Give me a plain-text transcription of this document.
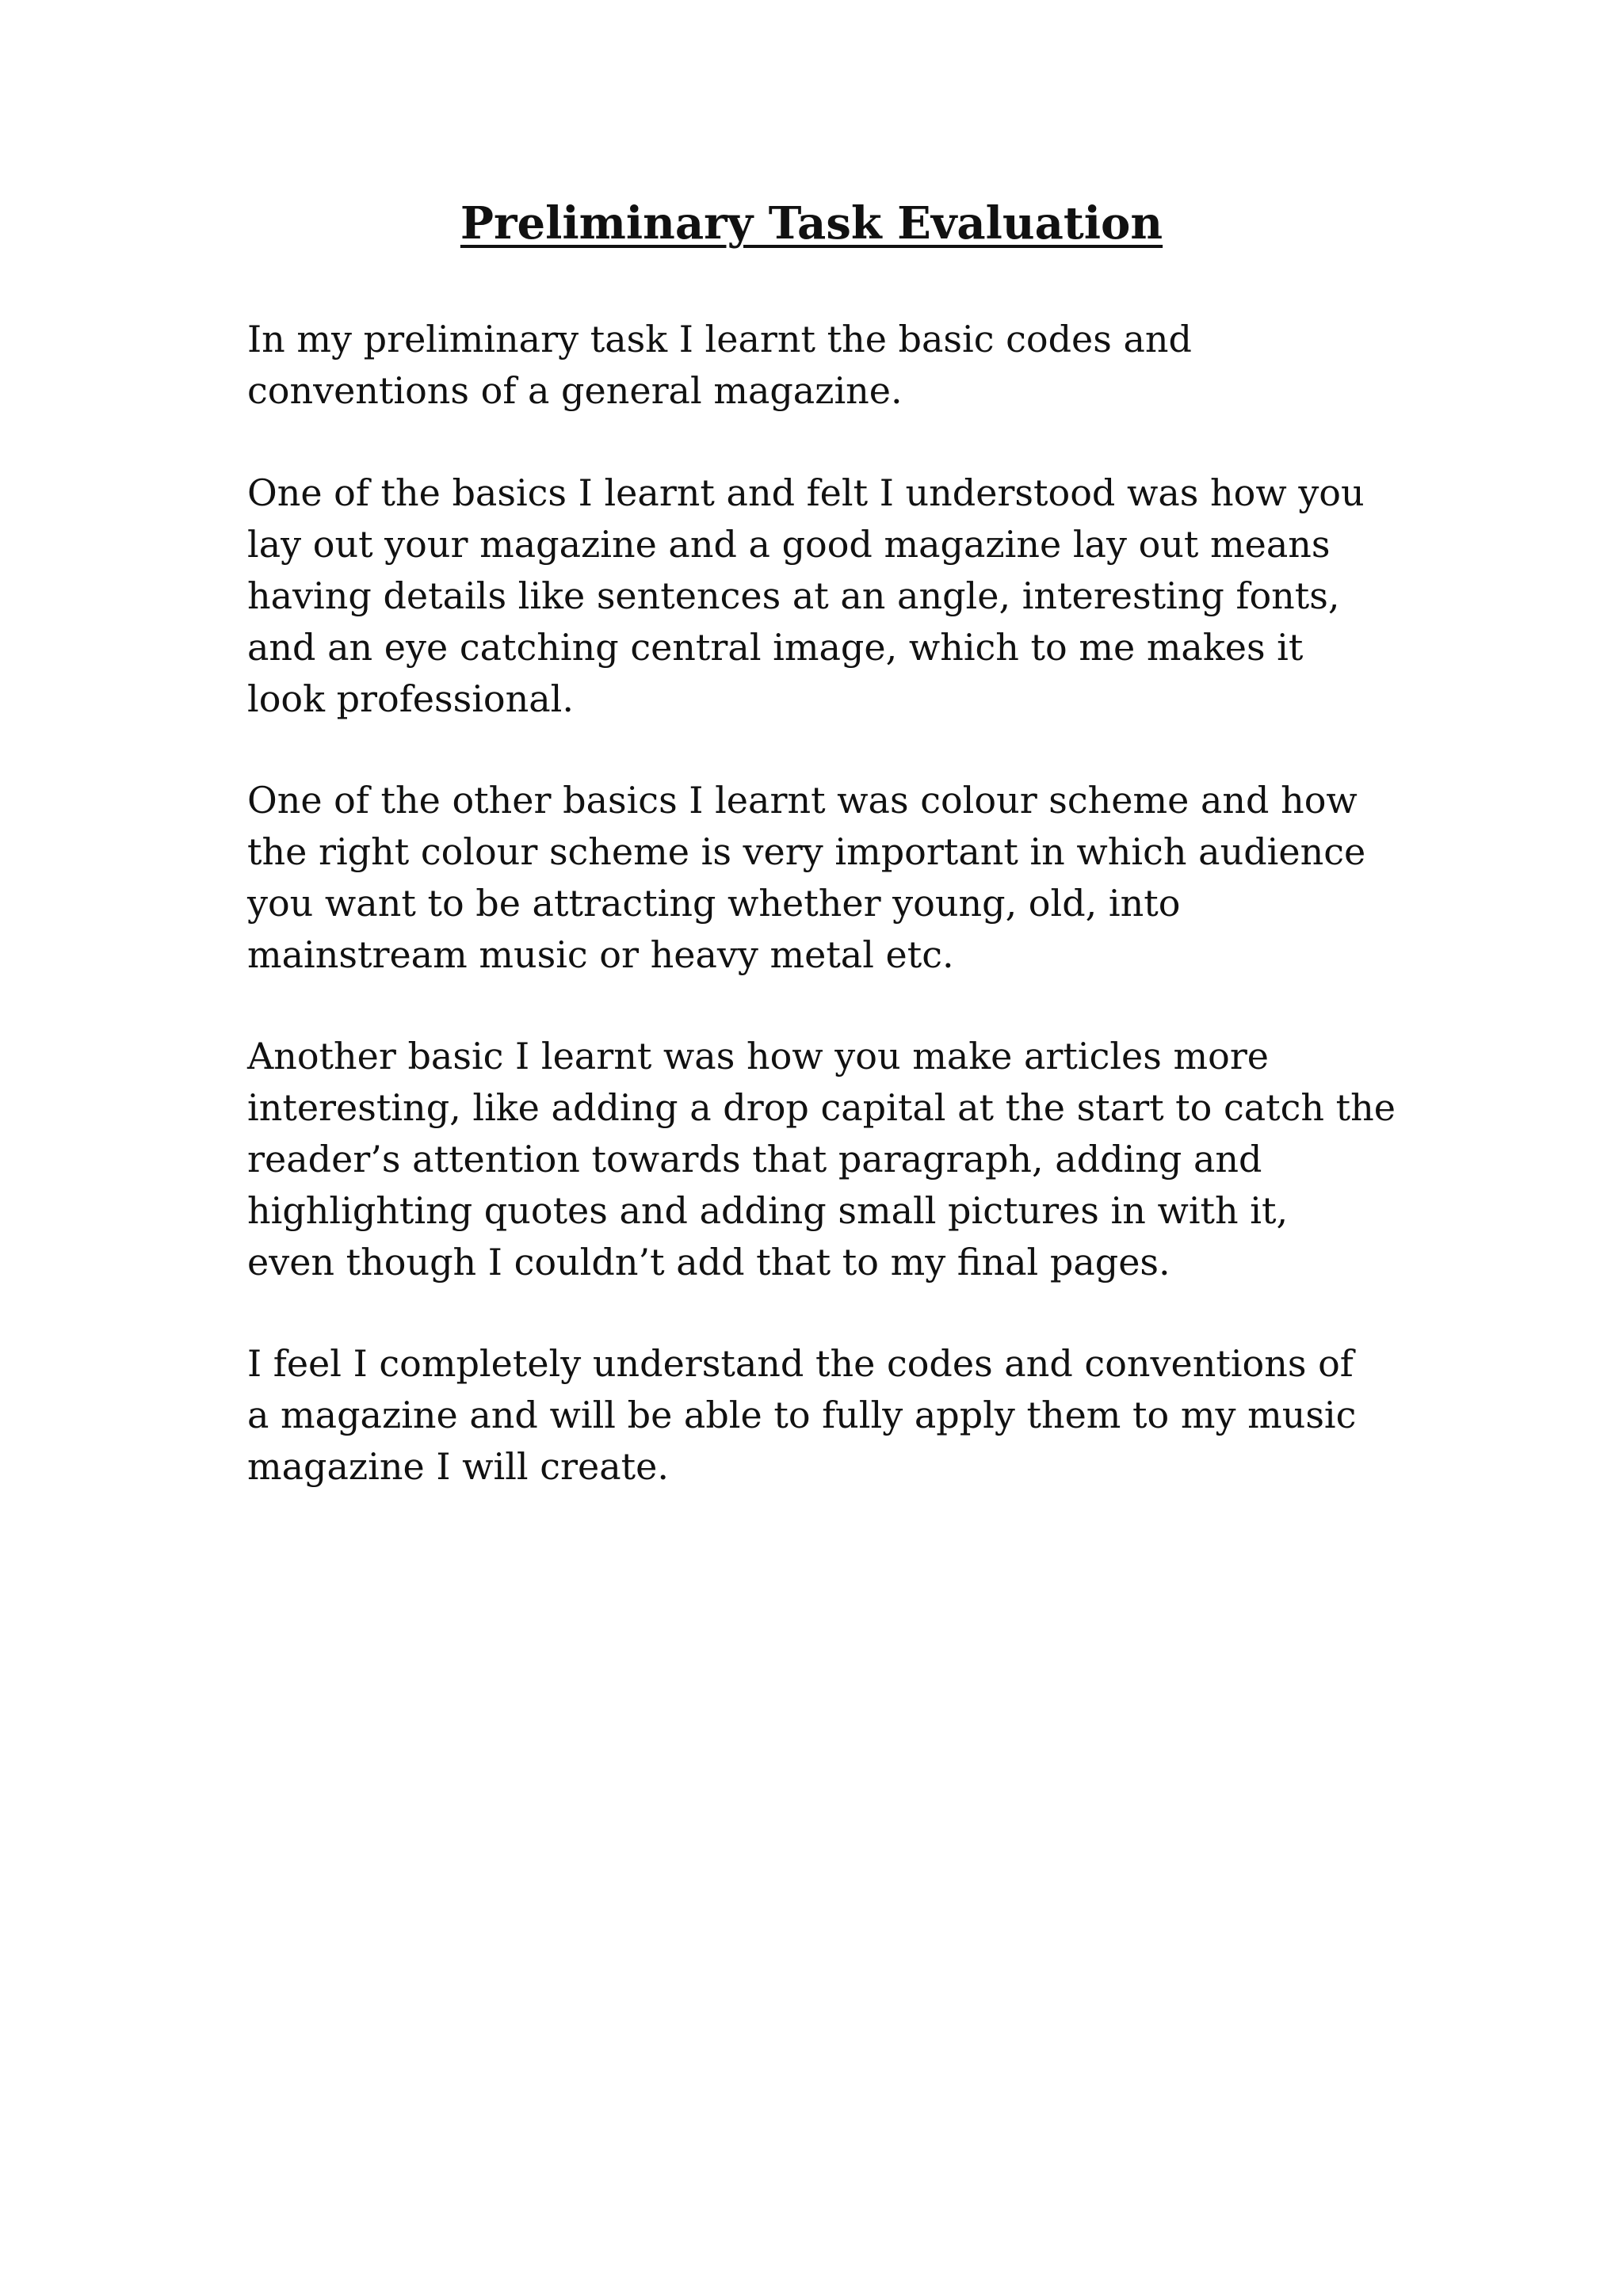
Preliminary Task Evaluation

In my preliminary task I learnt the basic codes and
conventions of a general magazine.

One of the basics I learnt and felt I understood was how you
lay out your magazine and a good magazine lay out means
having details like sentences at an angle, interesting fonts,
and an eye catching central image, which to me makes it
look professional.

One of the other basics I learnt was colour scheme and how
the right colour scheme is very important in which audience
you want to be attracting whether young, old, into
mainstream music or heavy metal etc.

Another basic I learnt was how you make articles more
interesting, like adding a drop capital at the start to catch the
reader’s attention towards that paragraph, adding and
highlighting quotes and adding small pictures in with it,
even though I couldn’t add that to my final pages.

I feel I completely understand the codes and conventions of
a magazine and will be able to fully apply them to my music
magazine I will create.
